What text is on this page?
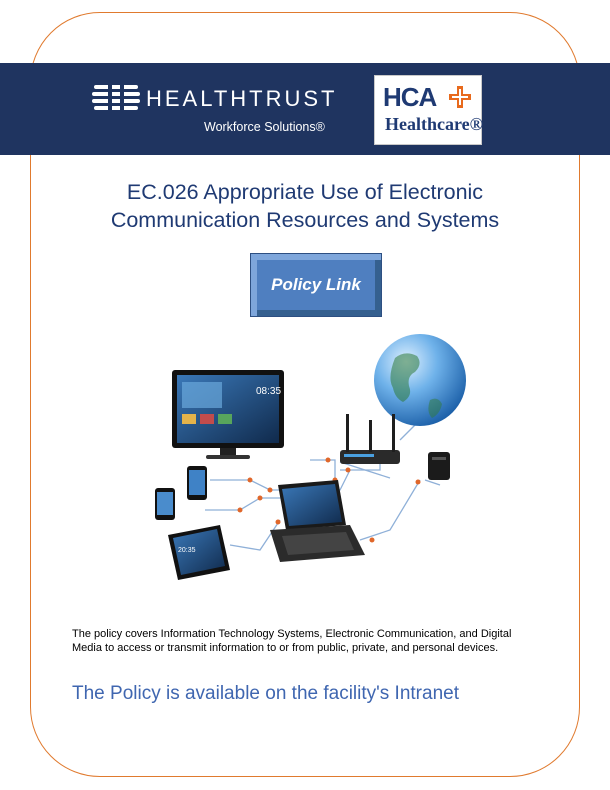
HEALTHTRUST
Workforce Solutions®
HCA
Healthcare®
EC.026 Appropriate Use of Electronic
Communication Resources and Systems
Policy Link
08:35
20:35
The policy covers Information Technology Systems, Electronic Communication, and Digital Media to access or transmit information to or from public, private, and personal devices.
The Policy is available on the facility's Intranet
